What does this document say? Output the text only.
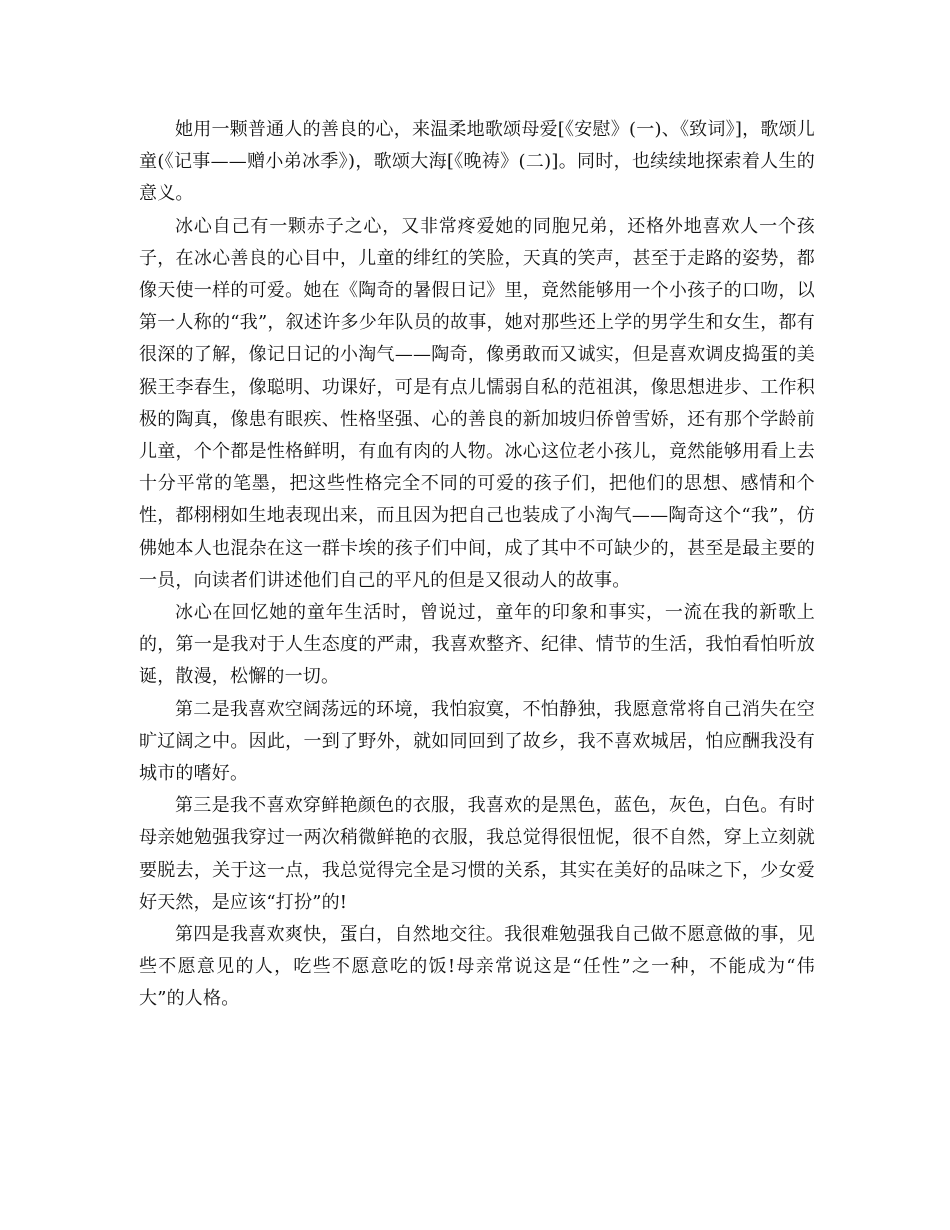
她用一颗普通人的善良的心，来温柔地歌颂母爱[《安慰》(一)、《致词》]，歌颂儿童(《记事——赠小弟冰季》)，歌颂大海[《晚祷》(二)]。同时，也续续地探索着人生的意义。

冰心自己有一颗赤子之心，又非常疼爱她的同胞兄弟，还格外地喜欢人一个孩子，在冰心善良的心目中，儿童的绯红的笑脸，天真的笑声，甚至于走路的姿势，都像天使一样的可爱。她在《陶奇的暑假日记》里，竟然能够用一个小孩子的口吻，以第一人称的“我”，叙述许多少年队员的故事，她对那些还上学的男学生和女生，都有很深的了解，像记日记的小淘气——陶奇，像勇敢而又诚实，但是喜欢调皮捣蛋的美猴王李春生，像聪明、功课好，可是有点儿懦弱自私的范祖淇，像思想进步、工作积极的陶真，像患有眼疾、性格坚强、心的善良的新加坡归侨曾雪娇，还有那个学龄前儿童，个个都是性格鲜明，有血有肉的人物。冰心这位老小孩儿，竟然能够用看上去十分平常的笔墨，把这些性格完全不同的可爱的孩子们，把他们的思想、感情和个性，都栩栩如生地表现出来，而且因为把自己也装成了小淘气——陶奇这个“我”，仿佛她本人也混杂在这一群卡埃的孩子们中间，成了其中不可缺少的，甚至是最主要的一员，向读者们讲述他们自己的平凡的但是又很动人的故事。

冰心在回忆她的童年生活时，曾说过，童年的印象和事实，一流在我的新歌上的，第一是我对于人生态度的严肃，我喜欢整齐、纪律、情节的生活，我怕看怕听放诞，散漫，松懈的一切。

第二是我喜欢空阔荡远的环境，我怕寂寞，不怕静独，我愿意常将自己消失在空旷辽阔之中。因此，一到了野外，就如同回到了故乡，我不喜欢城居，怕应酬我没有城市的嗜好。

第三是我不喜欢穿鲜艳颜色的衣服，我喜欢的是黑色，蓝色，灰色，白色。有时母亲她勉强我穿过一两次稍微鲜艳的衣服，我总觉得很忸怩，很不自然，穿上立刻就要脱去，关于这一点，我总觉得完全是习惯的关系，其实在美好的品味之下，少女爱好天然，是应该“打扮”的!

第四是我喜欢爽快，蛋白，自然地交往。我很难勉强我自己做不愿意做的事，见些不愿意见的人，吃些不愿意吃的饭!母亲常说这是“任性”之一种，不能成为“伟大”的人格。
